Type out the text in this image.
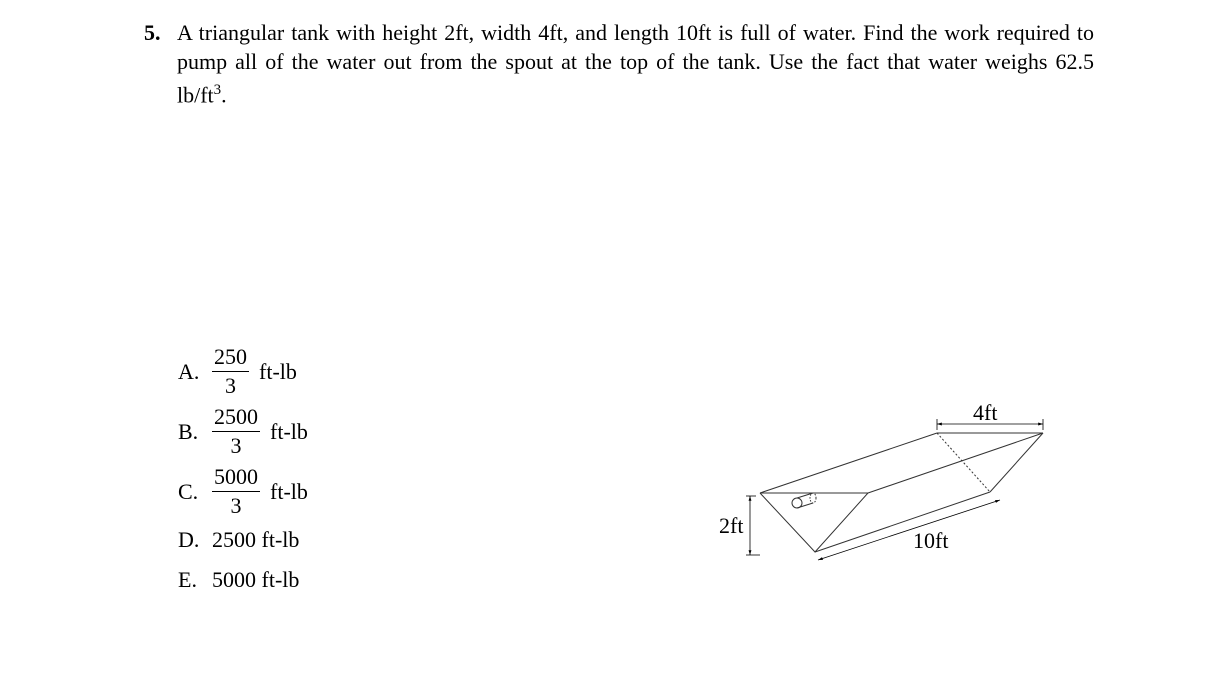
5. A triangular tank with height 2ft, width 4ft, and length 10ft is full of water. Find the work required to pump all of the water out from the spout at the top of the tank. Use the fact that water weighs 62.5 $lb/ft^3$.
A. $\frac{250}{3} ft-lb$
B. $\frac{2500}{3} ft-lb$
C. $\frac{5000}{3} ft-lb$
D. 2500 ft-lb
E. 5000 ft-lb
2ft
4ft
10ft
